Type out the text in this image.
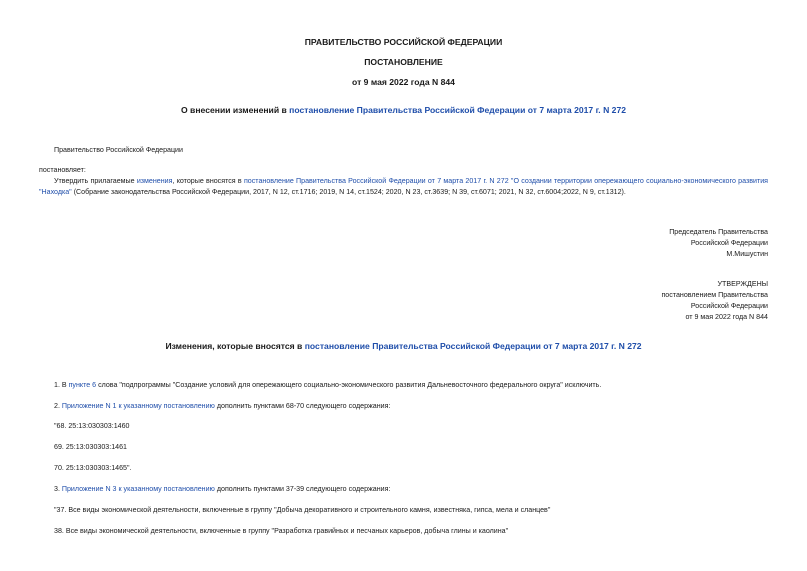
ПРАВИТЕЛЬСТВО РОССИЙСКОЙ ФЕДЕРАЦИИ
ПОСТАНОВЛЕНИЕ
от 9 мая 2022 года N 844
О внесении изменений в постановление Правительства Российской Федерации от 7 марта 2017 г. N 272
Правительство Российской Федерации
постановляет:
Утвердить прилагаемые изменения, которые вносятся в постановление Правительства Российской Федерации от 7 марта 2017 г. N 272 "О создании территории опережающего социально-экономического развития "Находка" (Собрание законодательства Российской Федерации, 2017, N 12, ст.1716; 2019, N 14, ст.1524; 2020, N 23, ст.3639; N 39, ст.6071; 2021, N 32, ст.6004;2022, N 9, ст.1312).
Председатель Правительства
Российской Федерации
М.Мишустин
УТВЕРЖДЕНЫ
постановлением Правительства
Российской Федерации
от 9 мая 2022 года N 844
Изменения, которые вносятся в постановление Правительства Российской Федерации от 7 марта 2017 г. N 272
1. В пункте 6 слова "подпрограммы "Создание условий для опережающего социально-экономического развития Дальневосточного федерального округа" исключить.
2. Приложение N 1 к указанному постановлению дополнить пунктами 68-70 следующего содержания:
"68. 25:13:030303:1460
69. 25:13:030303:1461
70. 25:13:030303:1465".
3. Приложение N 3 к указанному постановлению дополнить пунктами 37-39 следующего содержания:
"37. Все виды экономической деятельности, включенные в группу "Добыча декоративного и строительного камня, известняка, гипса, мела и сланцев"
38. Все виды экономической деятельности, включенные в группу "Разработка гравийных и песчаных карьеров, добыча глины и каолина"
